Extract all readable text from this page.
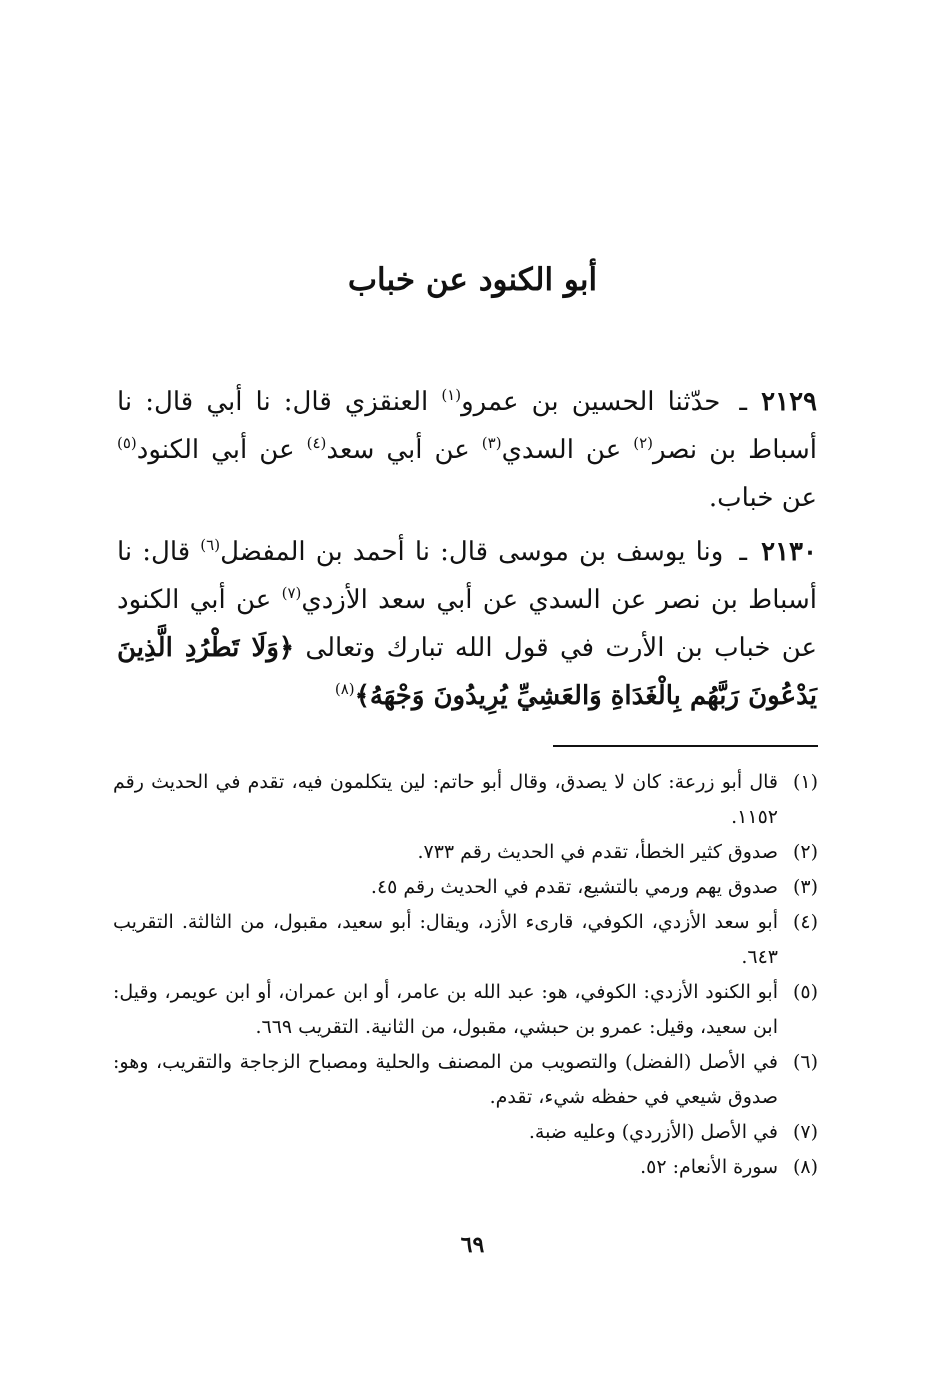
أبو الكنود عن خباب

٢١٢٩ـ حدّثنا الحسين بن عمرو$^{(١)}$ العنقزي قال: نا أبي قال: نا أسباط بن نصر$^{(٢)}$ عن السدي$^{(٣)}$ عن أبي سعد$^{(٤)}$ عن أبي الكنود$^{(٥)}$ عن خباب.

٢١٣٠ـ ونا يوسف بن موسى قال: نا أحمد بن المفضل$^{(٦)}$ قال: نا أسباط بن نصر عن السدي عن أبي سعد الأزدي$^{(٧)}$ عن أبي الكنود عن خباب بن الأرت في قول الله تبارك وتعالى ﴿وَلَا تَطْرُدِ الَّذِينَ يَدْعُونَ رَبَّهُم بِالْغَدَاةِ وَالعَشِيِّ يُرِيدُونَ وَجْهَهُ﴾$^{(٨)}$

(١)
قال أبو زرعة: كان لا يصدق، وقال أبو حاتم: لين يتكلمون فيه، تقدم في الحديث رقم ١١٥٢.
(٢)
صدوق كثير الخطأ، تقدم في الحديث رقم ٧٣٣.
(٣)
صدوق يهم ورمي بالتشيع، تقدم في الحديث رقم ٤٥.
(٤)
أبو سعد الأزدي، الكوفي، قارىء الأزد، ويقال: أبو سعيد، مقبول، من الثالثة. التقريب ٦٤٣.
(٥)
أبو الكنود الأزدي: الكوفي، هو: عبد الله بن عامر، أو ابن عمران، أو ابن عويمر، وقيل: ابن سعيد، وقيل: عمرو بن حبشي، مقبول، من الثانية. التقريب ٦٦٩.
(٦)
في الأصل (الفضل) والتصويب من المصنف والحلية ومصباح الزجاجة والتقريب، وهو: صدوق شيعي في حفظه شيء، تقدم.
(٧)
في الأصل (الأزردي) وعليه ضبة.
(٨)
سورة الأنعام: ٥٢.
٦٩
